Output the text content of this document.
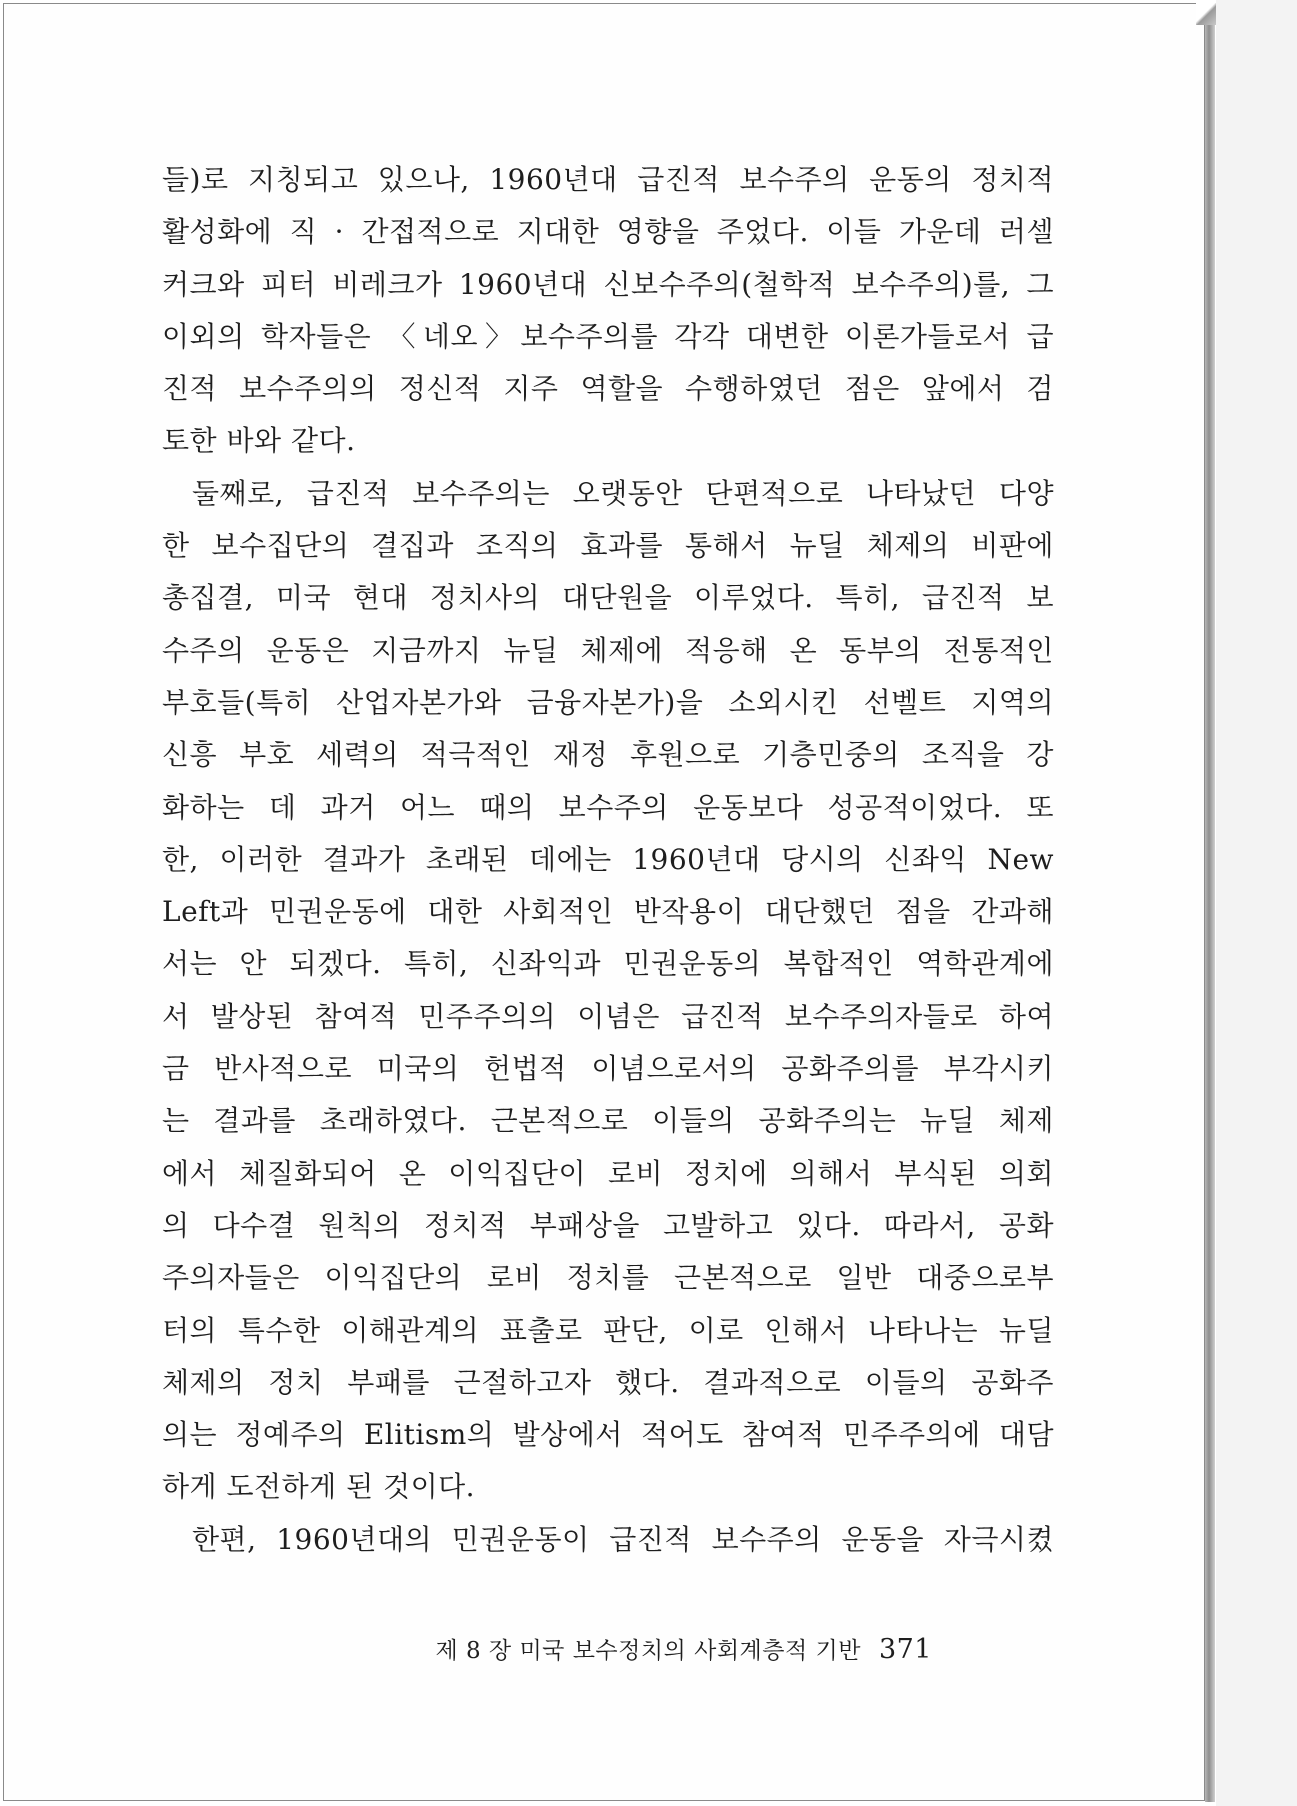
들)로 지칭되고 있으나, 1960년대 급진적 보수주의 운동의 정치적
활성화에 직 · 간접적으로 지대한 영향을 주었다. 이들 가운데 러셀
커크와 피터 비레크가 1960년대 신보수주의(철학적 보수주의)를, 그
이외의 학자들은 〈네오〉보수주의를 각각 대변한 이론가들로서 급
진적 보수주의의 정신적 지주 역할을 수행하였던 점은 앞에서 검
토한 바와 같다.
둘째로, 급진적 보수주의는 오랫동안 단편적으로 나타났던 다양
한 보수집단의 결집과 조직의 효과를 통해서 뉴딜 체제의 비판에
총집결, 미국 현대 정치사의 대단원을 이루었다. 특히, 급진적 보
수주의 운동은 지금까지 뉴딜 체제에 적응해 온 동부의 전통적인
부호들(특히 산업자본가와 금융자본가)을 소외시킨 선벨트 지역의
신흥 부호 세력의 적극적인 재정 후원으로 기층민중의 조직을 강
화하는 데 과거 어느 때의 보수주의 운동보다 성공적이었다. 또
한, 이러한 결과가 초래된 데에는 1960년대 당시의 신좌익 New
Left과 민권운동에 대한 사회적인 반작용이 대단했던 점을 간과해
서는 안 되겠다. 특히, 신좌익과 민권운동의 복합적인 역학관계에
서 발상된 참여적 민주주의의 이념은 급진적 보수주의자들로 하여
금 반사적으로 미국의 헌법적 이념으로서의 공화주의를 부각시키
는 결과를 초래하였다. 근본적으로 이들의 공화주의는 뉴딜 체제
에서 체질화되어 온 이익집단이 로비 정치에 의해서 부식된 의회
의 다수결 원칙의 정치적 부패상을 고발하고 있다. 따라서, 공화
주의자들은 이익집단의 로비 정치를 근본적으로 일반 대중으로부
터의 특수한 이해관계의 표출로 판단, 이로 인해서 나타나는 뉴딜
체제의 정치 부패를 근절하고자 했다. 결과적으로 이들의 공화주
의는 정예주의 Elitism의 발상에서 적어도 참여적 민주주의에 대담
하게 도전하게 된 것이다.
한편, 1960년대의 민권운동이 급진적 보수주의 운동을 자극시켰
제 8 장 미국 보수정치의 사회계층적 기반 371
